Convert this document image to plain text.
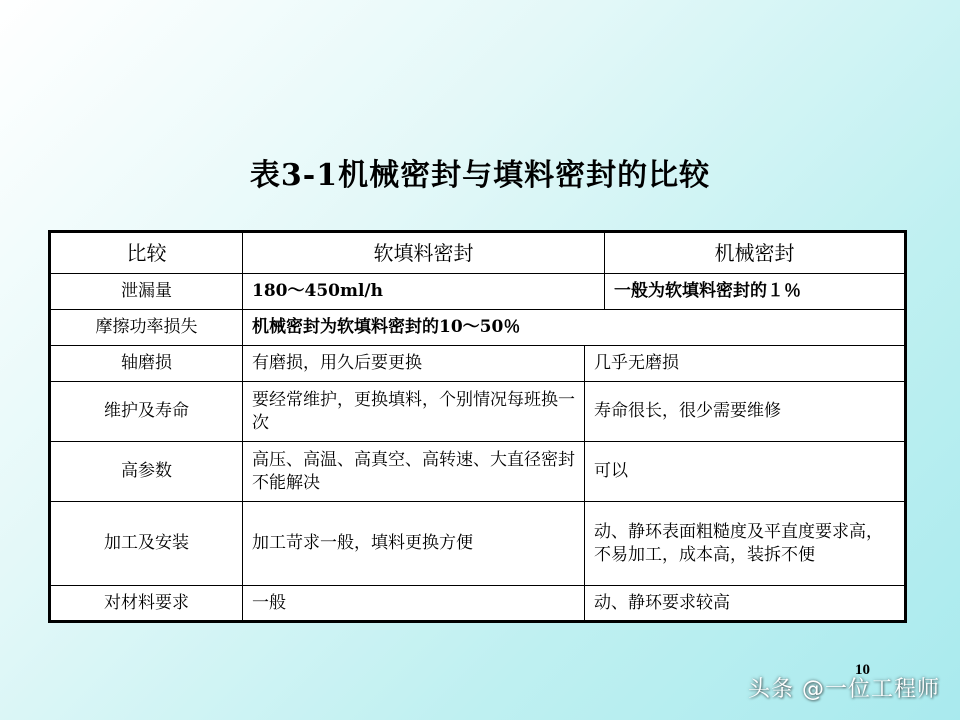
表3-1机械密封与填料密封的比较
比较	软填料密封		机械密封
泄漏量	180～450ml/h		一般为软填料密封的１％
摩擦功率损失	机械密封为软填料密封的10～50％		
轴磨损	有磨损，用久后要更换	几乎无磨损	
维护及寿命	要经常维护，更换填料，个别情况每班换一次	寿命很长，很少需要维修	
高参数	高压、高温、高真空、高转速、大直径密封不能解决	可以	
加工及安装	加工苛求一般，填料更换方便	动、静环表面粗糙度及平直度要求高，不易加工，成本高，装拆不便	
对材料要求	一般	动、静环要求较高	
10
头条 @一位工程师
